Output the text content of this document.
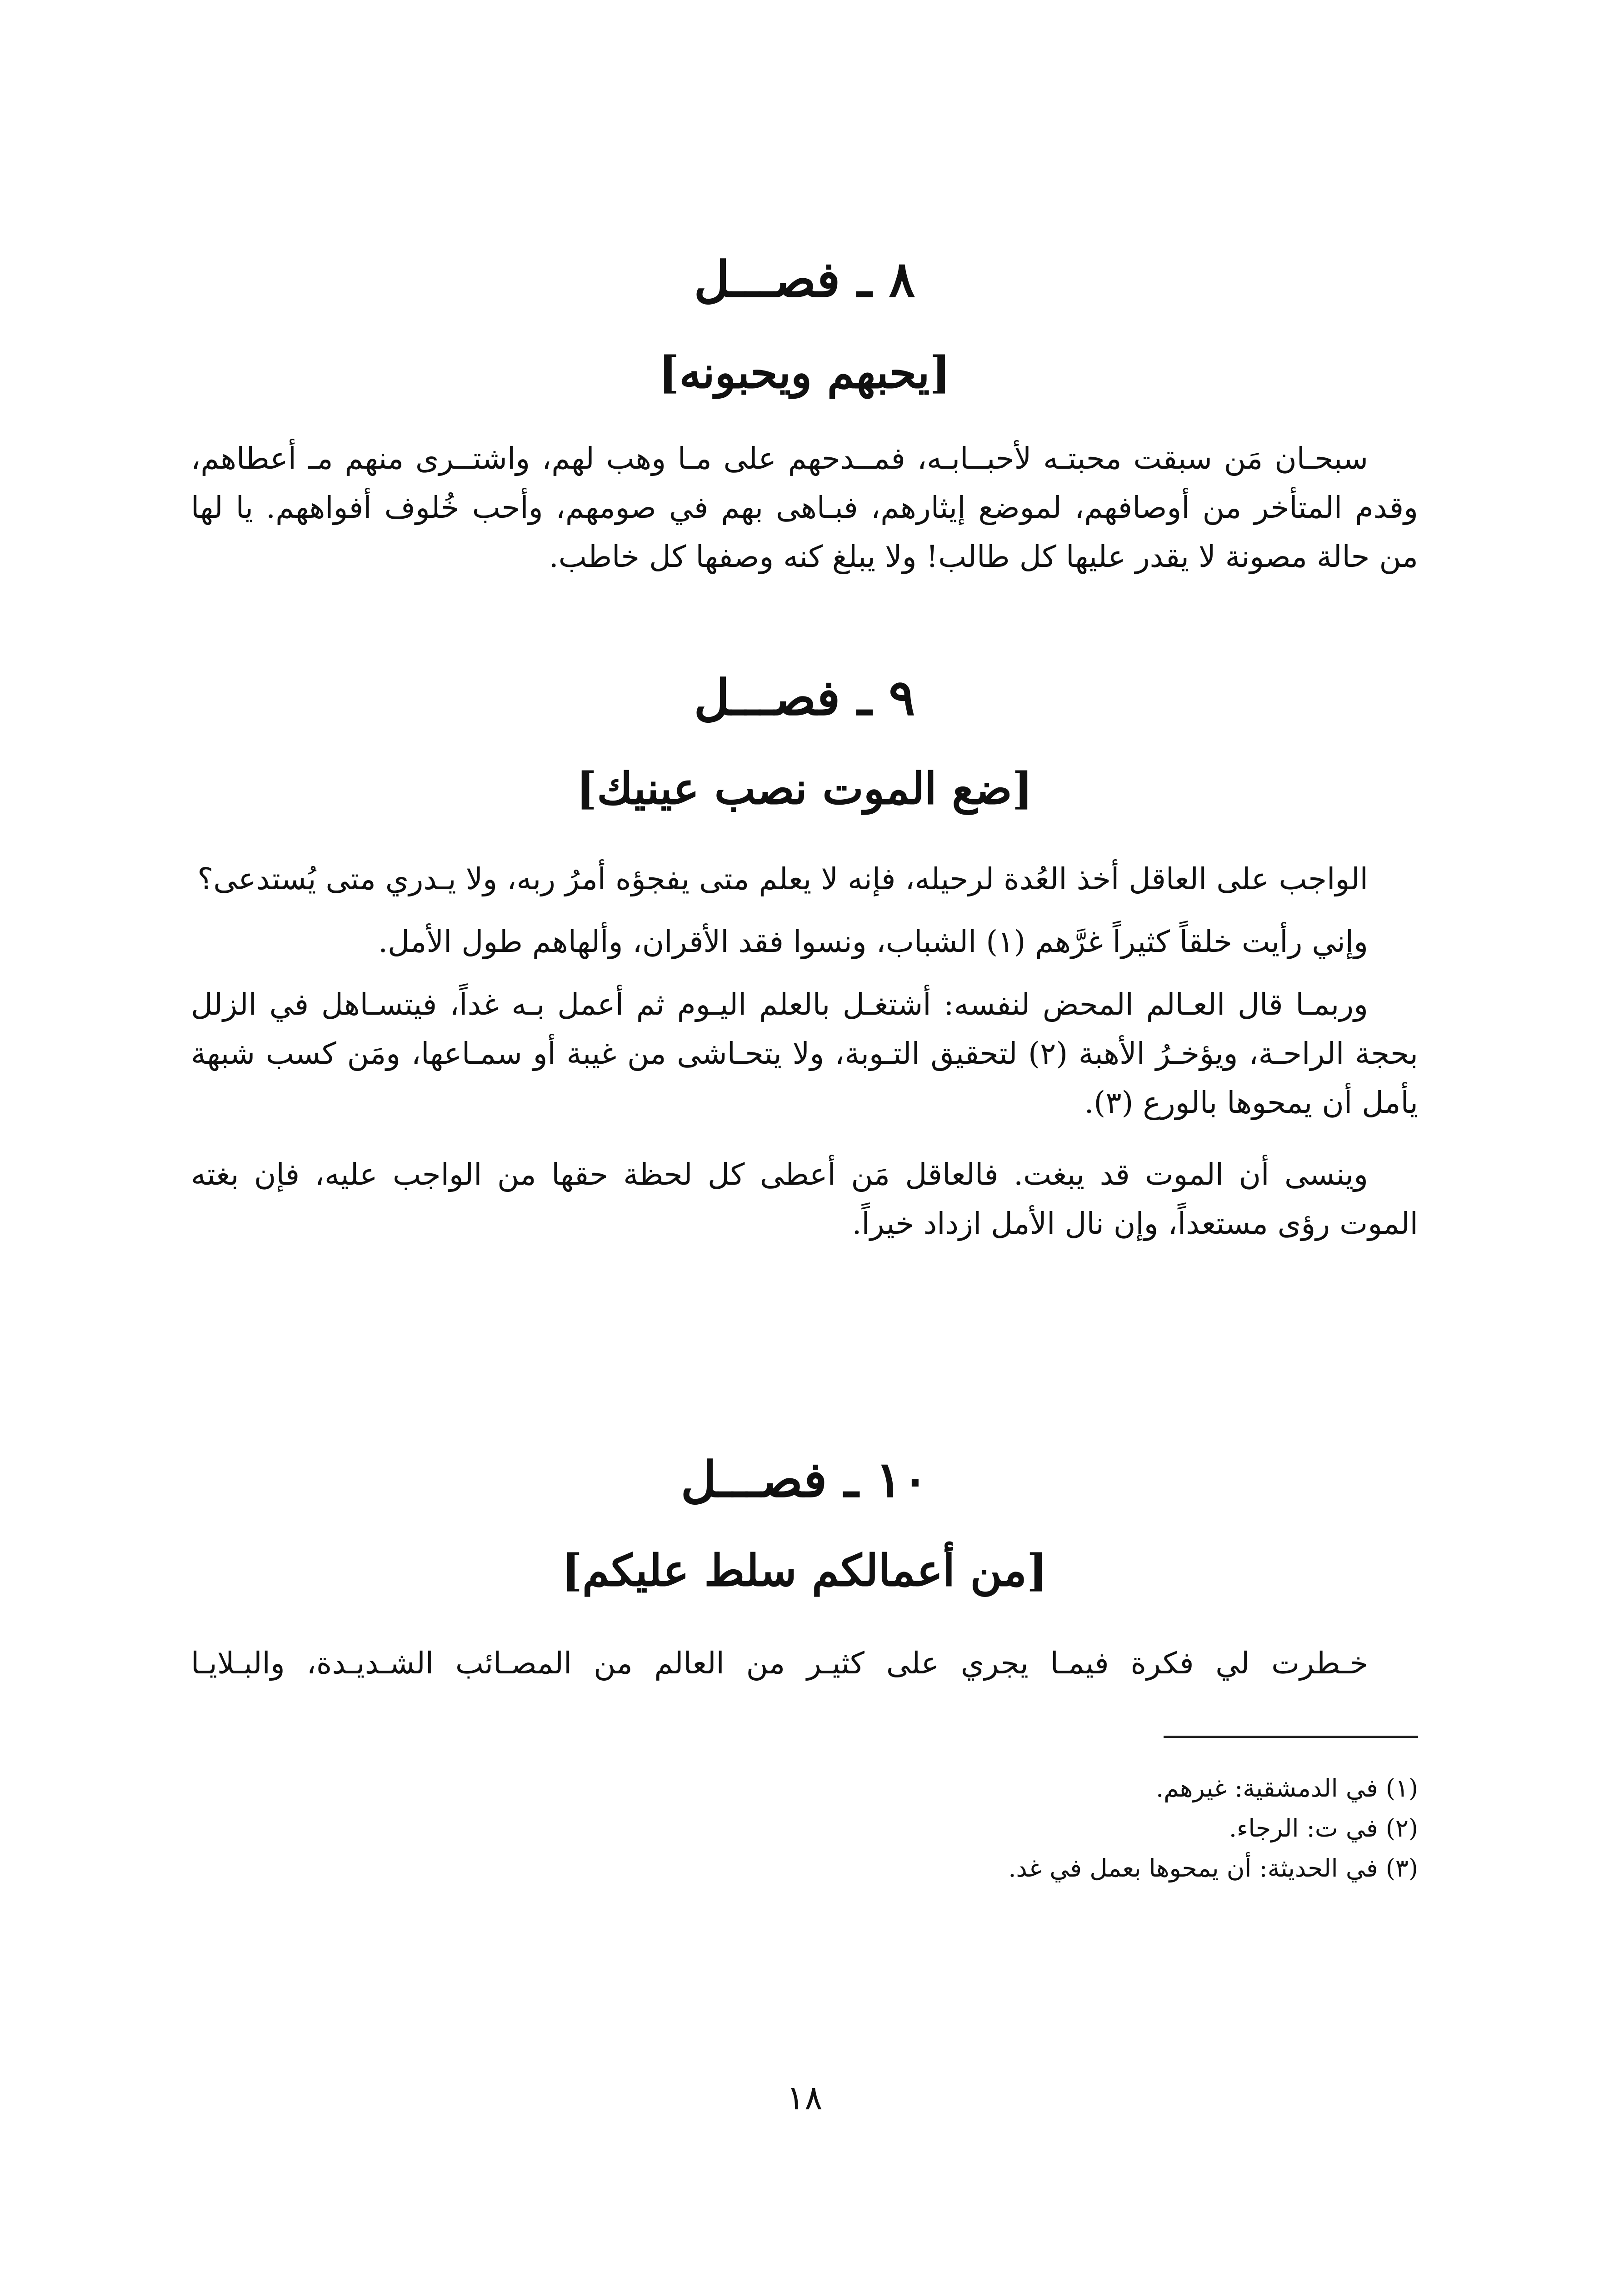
٨ ـ فصـــل
[يحبهم ويحبونه]

سبحـان مَن سبقت محبتـه لأحبــابـه، فمــدحهم على مـا وهب لهم، واشتــرى منهم مـ أعطاهم، وقدم المتأخر من أوصافهم، لموضع إيثارهم، فبـاهى بهم في صومهم، وأحب خُلوف أفواههم. يا لها من حالة مصونة لا يقدر عليها كل طالب! ولا يبلغ كنه وصفها كل خاطب.

٩ ـ فصـــل
[ضع الموت نصب عينيك]

الواجب على العاقل أخذ العُدة لرحيله، فإنه لا يعلم متى يفجؤه أمرُ ربه، ولا يـدري متى يُستدعى؟

وإني رأيت خلقاً كثيراً غرَّهم (١) الشباب، ونسوا فقد الأقران، وألهاهم طول الأمل.

وربمـا قال العـالم المحض لنفسه: أشتغـل بالعلم اليـوم ثم أعمل بـه غداً، فيتسـاهل في الزلل بحجة الراحـة، ويؤخـرُ الأهبة (٢) لتحقيق التـوبة، ولا يتحـاشى من غيبة أو سمـاعها، ومَن كسب شبهة يأمل أن يمحوها بالورع (٣).

وينسى أن الموت قد يبغت. فالعاقل مَن أعطى كل لحظة حقها من الواجب عليه، فإن بغته الموت رؤى مستعداً، وإن نال الأمل ازداد خيراً.

١٠ ـ فصـــل
[من أعمالكم سلط عليكم]

خـطرت لي فكرة فيمـا يجري على كثيـر من العالم من المصـائب الشـديـدة، والبـلايـا

(١) في الدمشقية: غيرهم.
(٢) في ت: الرجاء.
(٣) في الحديثة: أن يمحوها بعمل في غد.
١٨
